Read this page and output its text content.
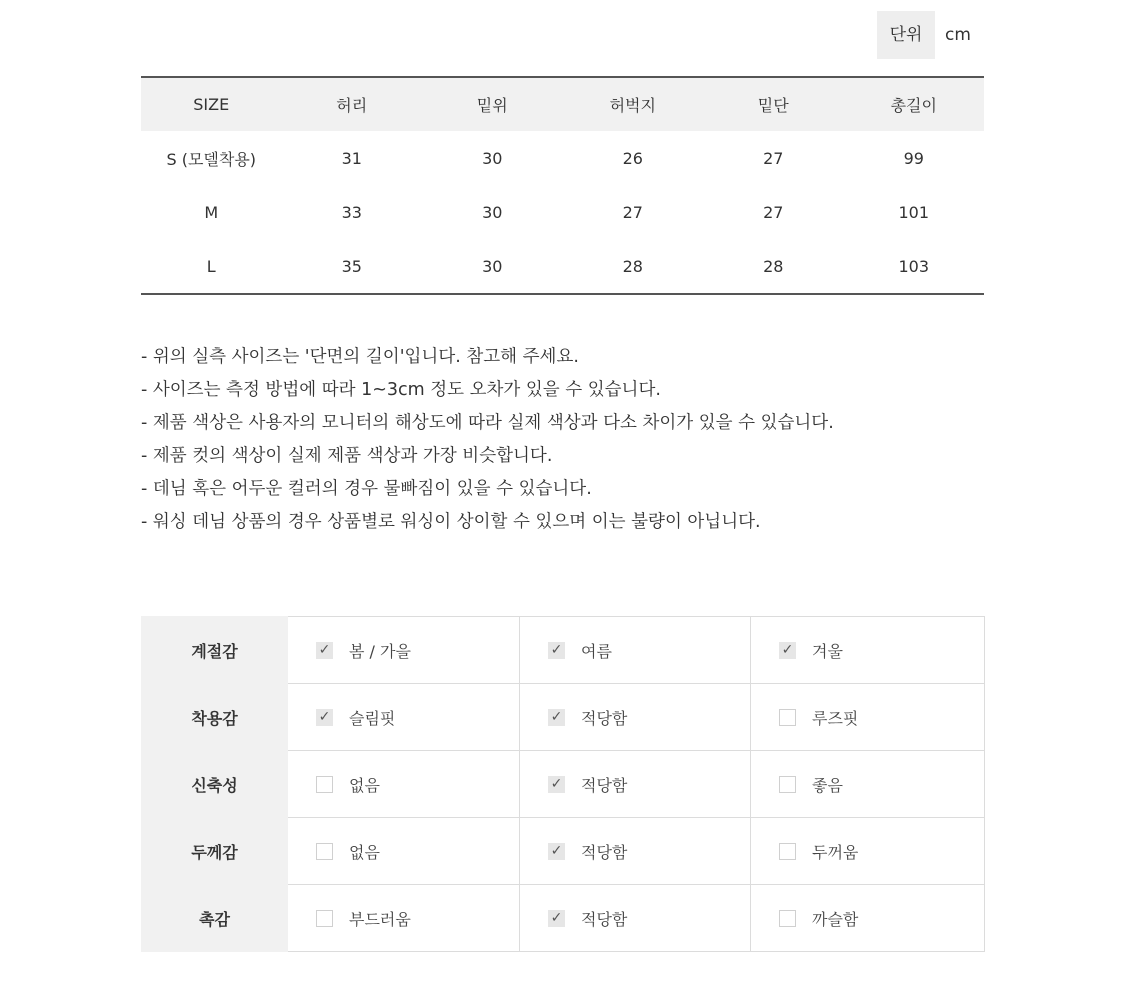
단위	cm
SIZE	허리	밑위	허벅지	밑단	총길이
S (모델착용)	31	30	26	27	99
M	33	30	27	27	101
L	35	30	28	28	103
- 위의 실측 사이즈는 '단면의 길이'입니다. 참고해 주세요.
- 사이즈는 측정 방법에 따라 1~3cm 정도 오차가 있을 수 있습니다.
- 제품 색상은 사용자의 모니터의 해상도에 따라 실제 색상과 다소 차이가 있을 수 있습니다.
- 제품 컷의 색상이 실제 제품 색상과 가장 비슷합니다.
- 데님 혹은 어두운 컬러의 경우 물빠짐이 있을 수 있습니다.
- 워싱 데님 상품의 경우 상품별로 워싱이 상이할 수 있으며 이는 불량이 아닙니다.
계절감	✓ 봄 / 가을	✓ 여름	✓ 겨울

착용감	✓ 슬림핏	✓ 적당함	루즈핏

신축성	없음	✓ 적당함	좋음

두께감	없음	✓ 적당함	두꺼움

촉감	부드러움	✓ 적당함	까슬함
